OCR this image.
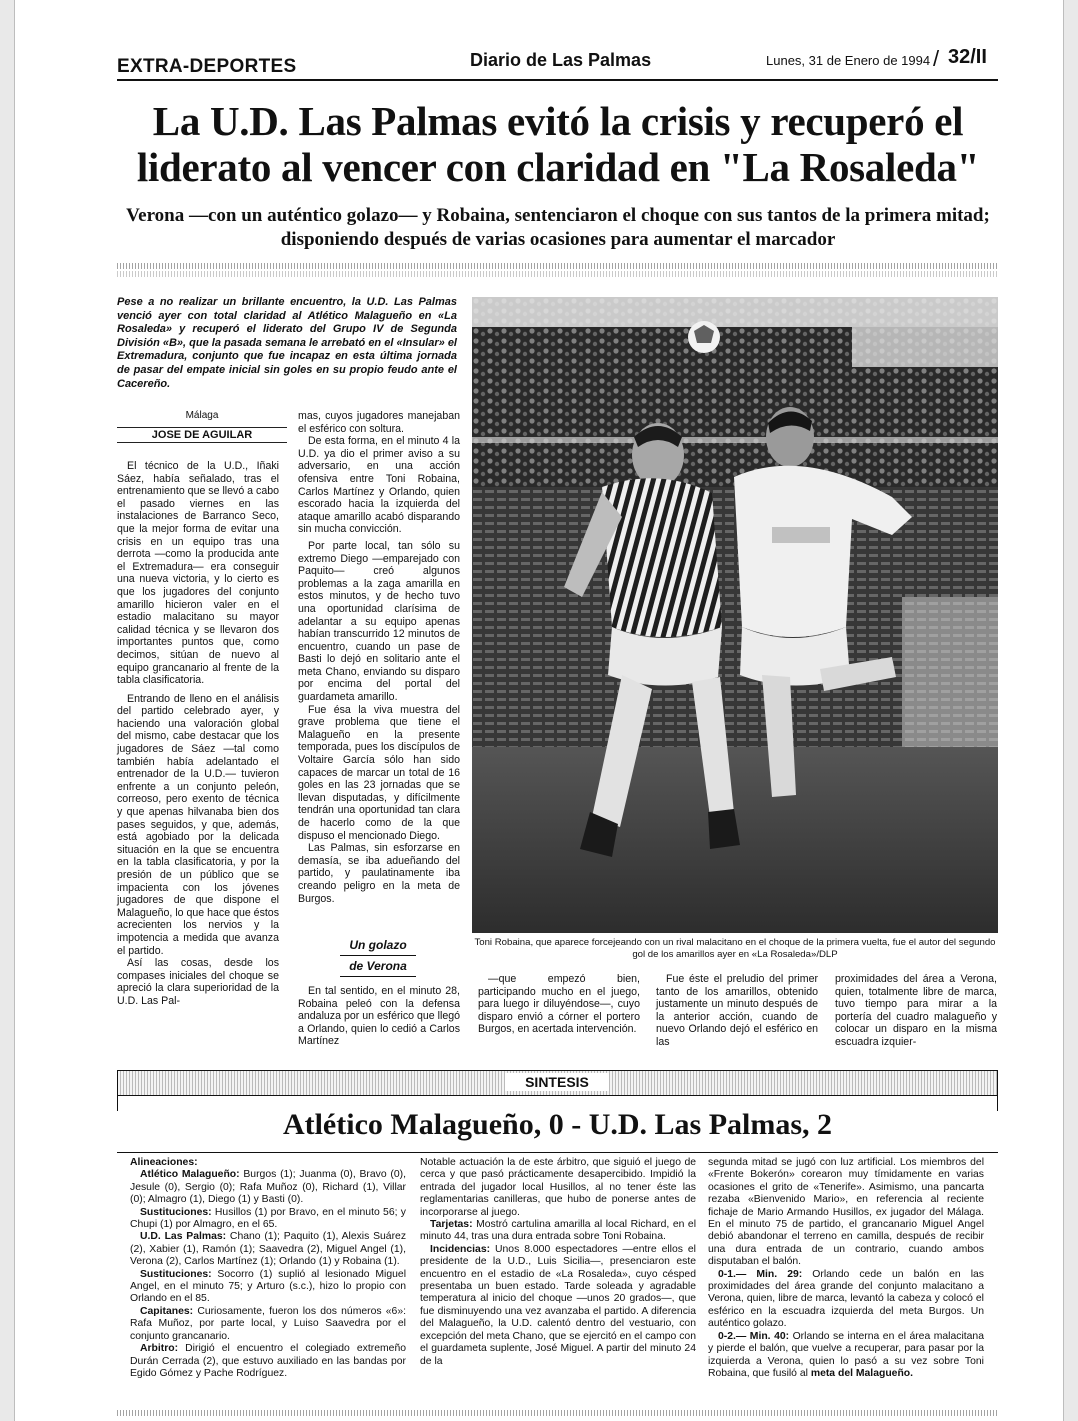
EXTRA-DEPORTES	Diario de Las Palmas	Lunes, 31 de Enero de 1994 / 32/II
La U.D. Las Palmas evitó la crisis y recuperó el liderato al vencer con claridad en "La Rosaleda"
Verona —con un auténtico golazo— y Robaina, sentenciaron el choque con sus tantos de la primera mitad; disponiendo después de varias ocasiones para aumentar el marcador
Pese a no realizar un brillante encuentro, la U.D. Las Palmas venció ayer con total claridad al Atlético Malagueño en «La Rosaleda» y recuperó el liderato del Grupo IV de Segunda División «B», que la pasada semana le arrebató en el «Insular» el Extremadura, conjunto que fue incapaz en esta última jornada de pasar del empate inicial sin goles en su propio feudo ante el Cacereño.
Málaga
JOSE DE AGUILAR

El técnico de la U.D., Iñaki Sáez, había señalado, tras el entrenamiento que se llevó a cabo el pasado viernes en las instalaciones de Barranco Seco, que la mejor forma de evitar una crisis en un equipo tras una derrota —como la producida ante el Extremadura— era conseguir una nueva victoria, y lo cierto es que los jugadores del conjunto amarillo hicieron valer en el estadio malacitano su mayor calidad técnica y se llevaron dos importantes puntos que, como decimos, sitúan de nuevo al equipo grancanario al frente de la tabla clasificatoria.

Entrando de lleno en el análisis del partido celebrado ayer, y haciendo una valoración global del mismo, cabe destacar que los jugadores de Sáez —tal como también había adelantado el entrenador de la U.D.— tuvieron enfrente a un conjunto peleón, correoso, pero exento de técnica y que apenas hilvanaba bien dos pases seguidos, y que, además, está agobiado por la delicada situación en la que se encuentra en la tabla clasificatoria, y por la presión de un público que se impacienta con los jóvenes jugadores de que dispone el Malagueño, lo que hace que éstos acrecienten los nervios y la impotencia a medida que avanza el partido.

Así las cosas, desde los compases iniciales del choque se apreció la clara superioridad de la U.D. Las Pal-

mas, cuyos jugadores manejaban el esférico con soltura.

De esta forma, en el minuto 4 la U.D. ya dio el primer aviso a su adversario, en una acción ofensiva entre Toni Robaina, Carlos Martínez y Orlando, quien escorado hacia la izquierda del ataque amarillo acabó disparando sin mucha convicción.

Por parte local, tan sólo su extremo Diego —emparejado con Paquito— creó algunos problemas a la zaga amarilla en estos minutos, y de hecho tuvo una oportunidad clarísima de adelantar a su equipo apenas habían transcurrido 12 minutos de encuentro, cuando un pase de Basti lo dejó en solitario ante el meta Chano, enviando su disparo por encima del portal del guardameta amarillo.

Fue ésa la viva muestra del grave problema que tiene el Malagueño en la presente temporada, pues los discípulos de Voltaire García sólo han sido capaces de marcar un total de 16 goles en las 23 jornadas que se llevan disputadas, y difícilmente tendrán una oportunidad tan clara de hacerlo como de la que dispuso el mencionado Diego.

Las Palmas, sin esforzarse en demasía, se iba adueñando del partido, y paulatinamente iba creando peligro en la meta de Burgos.

Un golazo
de Verona

En tal sentido, en el minuto 28, Robaina peleó con la defensa andaluza por un esférico que llegó a Orlando, quien lo cedió a Carlos Martínez

Toni Robaina, que aparece forcejeando con un rival malacitano en el choque de la primera vuelta, fue el autor del segundo gol de los amarillos ayer en «La Rosaleda»/DLP

—que empezó bien, participando mucho en el juego, para luego ir diluyéndose—, cuyo disparo envió a córner el portero Burgos, en acertada intervención.

Fue éste el preludio del primer tanto de los amarillos, obtenido justamente un minuto después de la anterior acción, cuando de nuevo Orlando dejó el esférico en las

proximidades del área a Verona, quien, totalmente libre de marca, tuvo tiempo para mirar a la portería del cuadro malagueño y colocar un disparo en la misma escuadra izquier-

SINTESIS
Atlético Malagueño, 0 - U.D. Las Palmas, 2

Alineaciones:

Atlético Malagueño: Burgos (1); Juanma (0), Bravo (0), Jesule (0), Sergio (0); Rafa Muñoz (0), Richard (1), Villar (0); Almagro (1), Diego (1) y Basti (0).

Sustituciones: Husillos (1) por Bravo, en el minuto 56; y Chupi (1) por Almagro, en el 65.

U.D. Las Palmas: Chano (1); Paquito (1), Alexis Suárez (2), Xabier (1), Ramón (1); Saavedra (2), Miguel Angel (1), Verona (2), Carlos Martínez (1); Orlando (1) y Robaina (1).

Sustituciones: Socorro (1) suplió al lesionado Miguel Angel, en el minuto 75; y Arturo (s.c.), hizo lo propio con Orlando en el 85.

Capitanes: Curiosamente, fueron los dos números «6»: Rafa Muñoz, por parte local, y Luiso Saavedra por el conjunto grancanario.

Arbitro: Dirigió el encuentro el colegiado extremeño Durán Cerrada (2), que estuvo auxiliado en las bandas por Egido Gómez y Pache Rodríguez.

Notable actuación la de este árbitro, que siguió el juego de cerca y que pasó prácticamente desapercibido. Impidió la entrada del jugador local Husillos, al no tener éste las reglamentarias canilleras, que hubo de ponerse antes de incorporarse al juego.

Tarjetas: Mostró cartulina amarilla al local Richard, en el minuto 44, tras una dura entrada sobre Toni Robaina.

Incidencias: Unos 8.000 espectadores —entre ellos el presidente de la U.D., Luis Sicilia—, presenciaron este encuentro en el estadio de «La Rosaleda», cuyo césped presentaba un buen estado. Tarde soleada y agradable temperatura al inicio del choque —unos 20 grados—, que fue disminuyendo una vez avanzaba el partido. A diferencia del Malagueño, la U.D. calentó dentro del vestuario, con excepción del meta Chano, que se ejercitó en el campo con el guardameta suplente, José Miguel. A partir del minuto 24 de la

segunda mitad se jugó con luz artificial. Los miembros del «Frente Bokerón» corearon muy tímidamente en varias ocasiones el grito de «Tenerife». Asimismo, una pancarta rezaba «Bienvenido Mario», en referencia al reciente fichaje de Mario Armando Husillos, ex jugador del Málaga. En el minuto 75 de partido, el grancanario Miguel Angel debió abandonar el terreno en camilla, después de recibir una dura entrada de un contrario, cuando ambos disputaban el balón.

0-1.— Min. 29: Orlando cede un balón en las proximidades del área grande del conjunto malacitano a Verona, quien, libre de marca, levantó la cabeza y colocó el esférico en la escuadra izquierda del meta Burgos. Un auténtico golazo.

0-2.— Min. 40: Orlando se interna en el área malacitana y pierde el balón, que vuelve a recuperar, para pasar por la izquierda a Verona, quien lo pasó a su vez sobre Toni Robaina, que fusiló al meta del Malagueño.
